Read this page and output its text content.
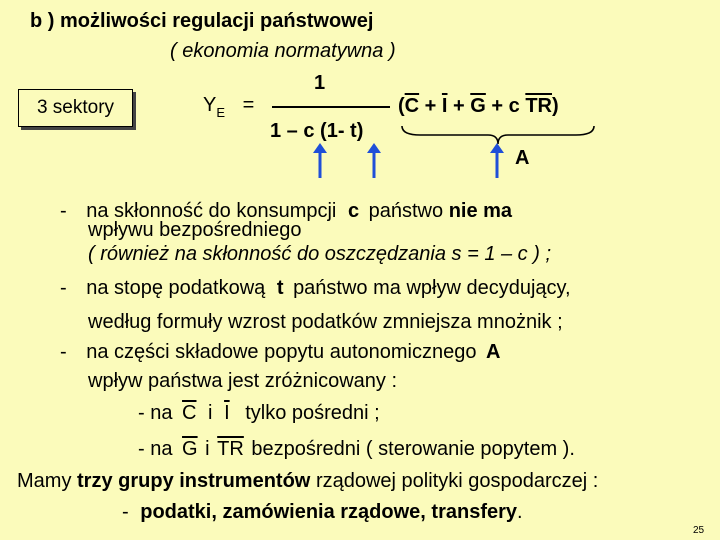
b ) możliwości regulacji państwowej
( ekonomia normatywna )
3 sektory	$Y_E$ =
1
1 – c (1- t)
($\overline{C} + \overline{I} + \overline{G} + c$ $\overline{TR}$)
A
- na skłonność do konsumpcji c państwo nie ma
wpływu bezpośredniego
( również na skłonność do oszczędzania s = 1 – c ) ;
- na stopę podatkową t państwo ma wpływ decydujący,
według formuły wzrost podatków zmniejsza mnożnik ;
- na części składowe popytu autonomicznego A
wpływ państwa jest zróżnicowany :
- na $\overline{C}$ i $\overline{I}$ tylko pośredni ;
- na $\overline{G}$ i $\overline{TR}$ bezpośredni ( sterowanie popytem ).
Mamy trzy grupy instrumentów rządowej polityki gospodarczej :
- podatki, zamówienia rządowe, transfery.
25
